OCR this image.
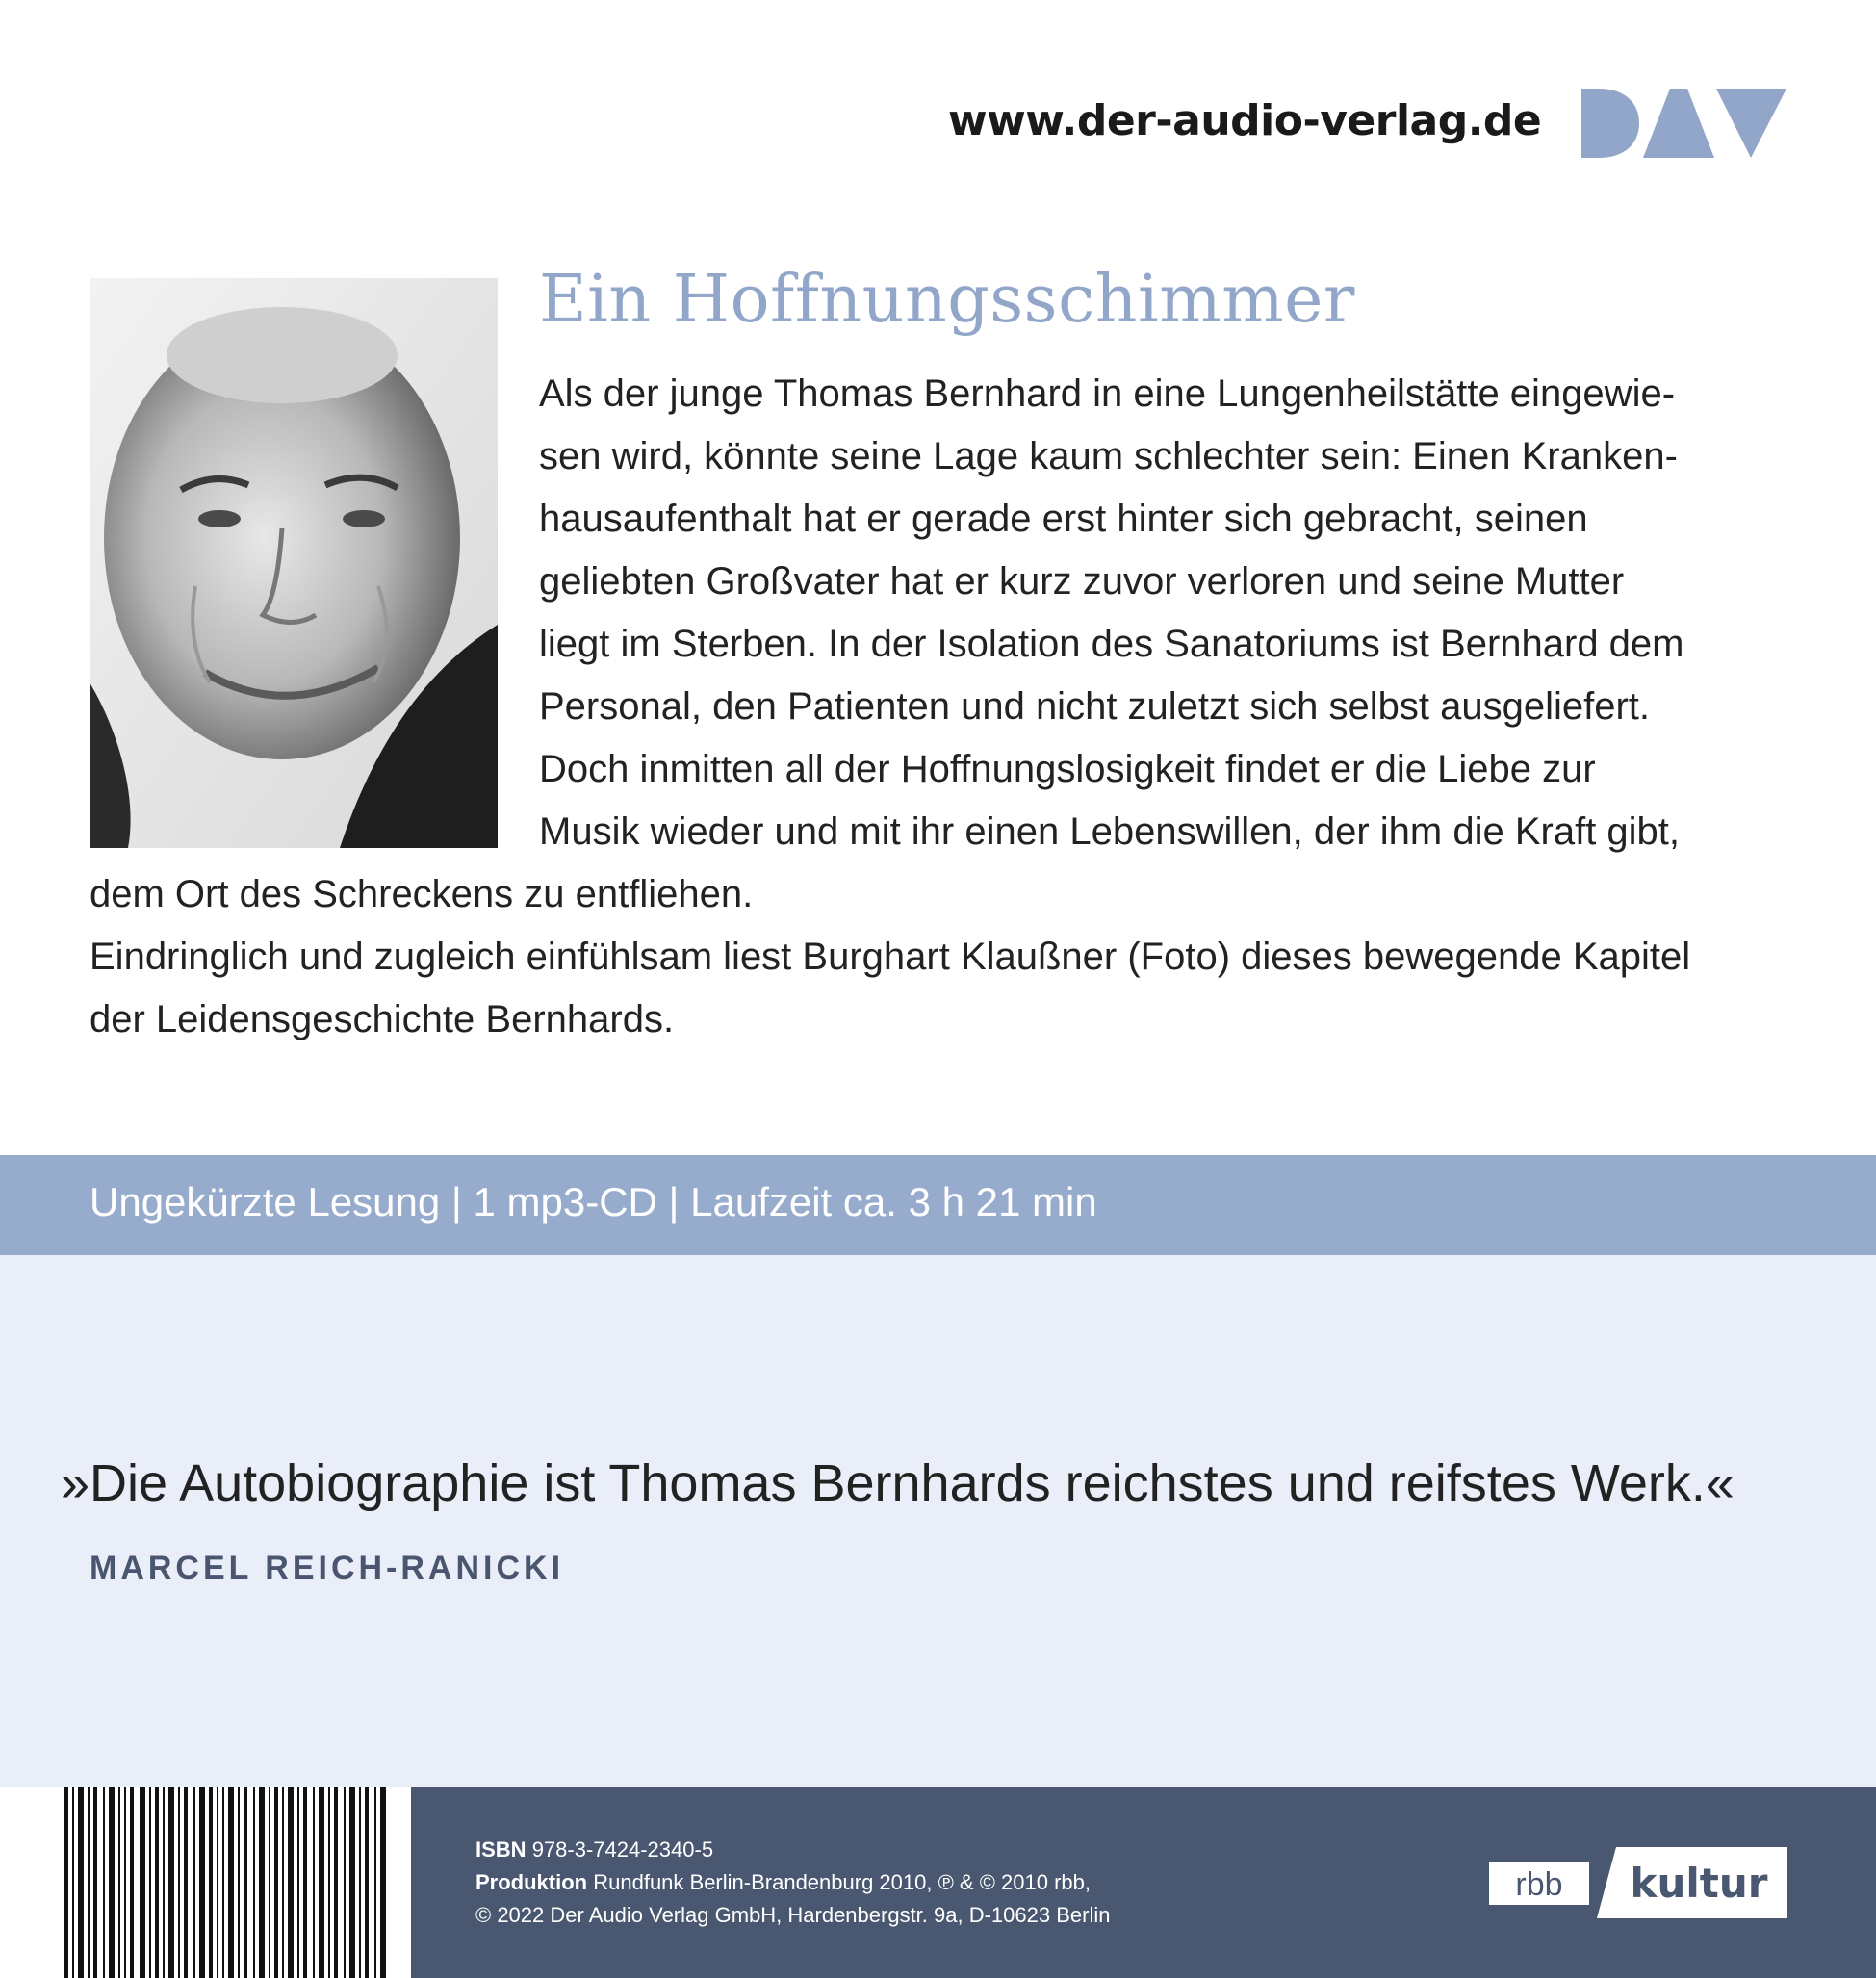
www.der-audio-verlag.de
Ein Hoffnungsschimmer
Als der junge Thomas Bernhard in eine Lungenheilstätte eingewie-
sen wird, könnte seine Lage kaum schlechter sein: Einen Kranken-
hausaufenthalt hat er gerade erst hinter sich gebracht, seinen
geliebten Großvater hat er kurz zuvor verloren und seine Mutter
liegt im Sterben. In der Isolation des Sanatoriums ist Bernhard dem
Personal, den Patienten und nicht zuletzt sich selbst ausgeliefert.
Doch inmitten all der Hoffnungslosigkeit findet er die Liebe zur
Musik wieder und mit ihr einen Lebenswillen, der ihm die Kraft gibt,
dem Ort des Schreckens zu entfliehen.
Eindringlich und zugleich einfühlsam liest Burghart Klaußner (Foto) dieses bewegende Kapitel
der Leidensgeschichte Bernhards.
Ungekürzte Lesung | 1 mp3-CD | Laufzeit ca. 3 h 21 min
»Die Autobiographie ist Thomas Bernhards reichstes und reifstes Werk.«
MARCEL REICH-RANICKI
ISBN 978-3-7424-2340-5
Produktion Rundfunk Berlin-Brandenburg 2010, ℗ & © 2010 rbb,
© 2022 Der Audio Verlag GmbH, Hardenbergstr. 9a, D-10623 Berlin
rbb kultur
